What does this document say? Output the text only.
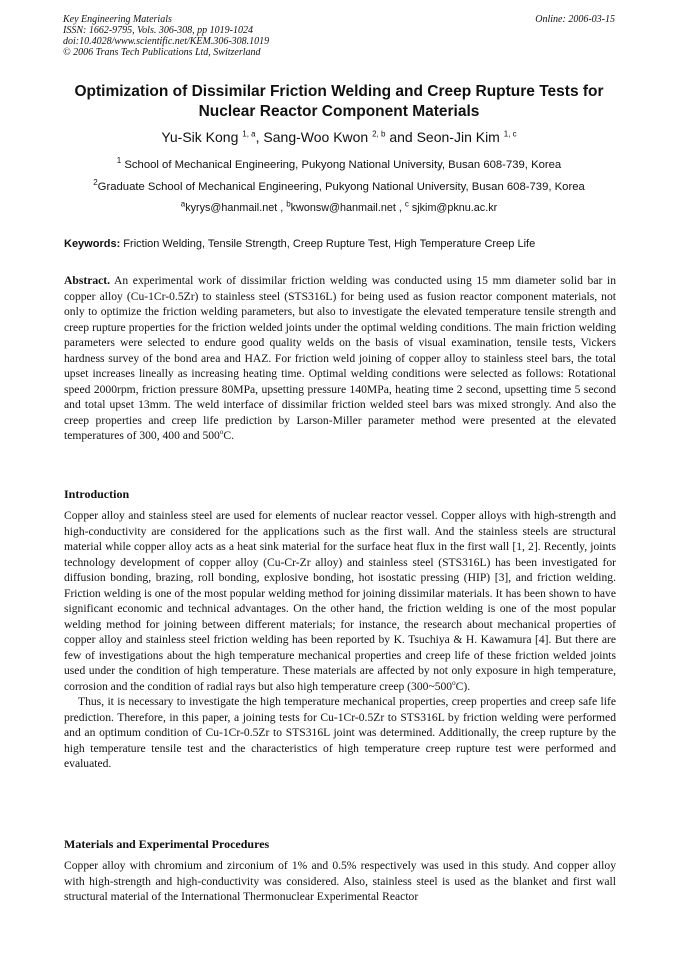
Key Engineering Materials
ISSN: 1662-9795, Vols. 306-308, pp 1019-1024
doi:10.4028/www.scientific.net/KEM.306-308.1019
© 2006 Trans Tech Publications Ltd, Switzerland
Online: 2006-03-15
Optimization of Dissimilar Friction Welding and Creep Rupture Tests for
Nuclear Reactor Component Materials
Yu-Sik Kong $^{1, a}$, Sang-Woo Kwon $^{2, b}$ and Seon-Jin Kim $^{1, c}$
$^1$ School of Mechanical Engineering, Pukyong National University, Busan 608-739, Korea
$^2$Graduate School of Mechanical Engineering, Pukyong National University, Busan 608-739, Korea
$^a$kyrys@hanmail.net , $^b$kwonsw@hanmail.net , $^c$ sjkim@pknu.ac.kr
Keywords: Friction Welding, Tensile Strength, Creep Rupture Test, High Temperature Creep Life
Abstract. An experimental work of dissimilar friction welding was conducted using 15 mm diameter solid bar in copper alloy (Cu-1Cr-0.5Zr) to stainless steel (STS316L) for being used as fusion reactor component materials, not only to optimize the friction welding parameters, but also to investigate the elevated temperature tensile strength and creep rupture properties for the friction welded joints under the optimal welding conditions. The main friction welding parameters were selected to endure good quality welds on the basis of visual examination, tensile tests, Vickers hardness survey of the bond area and HAZ. For friction weld joining of copper alloy to stainless steel bars, the total upset increases lineally as increasing heating time. Optimal welding conditions were selected as follows: Rotational speed 2000rpm, friction pressure 80MPa, upsetting pressure 140MPa, heating time 2 second, upsetting time 5 second and total upset 13mm. The weld interface of dissimilar friction welded steel bars was mixed strongly. And also the creep properties and creep life prediction by Larson-Miller parameter method were presented at the elevated temperatures of 300, 400 and 500$^o$C.
Introduction

Copper alloy and stainless steel are used for elements of nuclear reactor vessel. Copper alloys with high-strength and high-conductivity are considered for the applications such as the first wall. And the stainless steels are structural material while copper alloy acts as a heat sink material for the surface heat flux in the first wall [1, 2]. Recently, joints technology development of copper alloy (Cu-Cr-Zr alloy) and stainless steel (STS316L) has been investigated for diffusion bonding, brazing, roll bonding, explosive bonding, hot isostatic pressing (HIP) [3], and friction welding. Friction welding is one of the most popular welding method for joining dissimilar materials. It has been shown to have significant economic and technical advantages. On the other hand, the friction welding is one of the most popular welding method for joining between different materials; for instance, the research about mechanical properties of copper alloy and stainless steel friction welding has been reported by K. Tsuchiya & H. Kawamura [4]. But there are few of investigations about the high temperature mechanical properties and creep life of these friction welded joints used under the condition of high temperature. These materials are affected by not only exposure in high temperature, corrosion and the condition of radial rays but also high temperature creep (300~500$^o$C).

Thus, it is necessary to investigate the high temperature mechanical properties, creep properties and creep safe life prediction. Therefore, in this paper, a joining tests for Cu-1Cr-0.5Zr to STS316L by friction welding were performed and an optimum condition of Cu-1Cr-0.5Zr to STS316L joint was determined. Additionally, the creep rupture by the high temperature tensile test and the characteristics of high temperature creep rupture test were performed and evaluated.

Materials and Experimental Procedures

Copper alloy with chromium and zirconium of 1% and 0.5% respectively was used in this study. And copper alloy with high-strength and high-conductivity was considered. Also, stainless steel is used as the blanket and first wall structural material of the International Thermonuclear Experimental Reactor
